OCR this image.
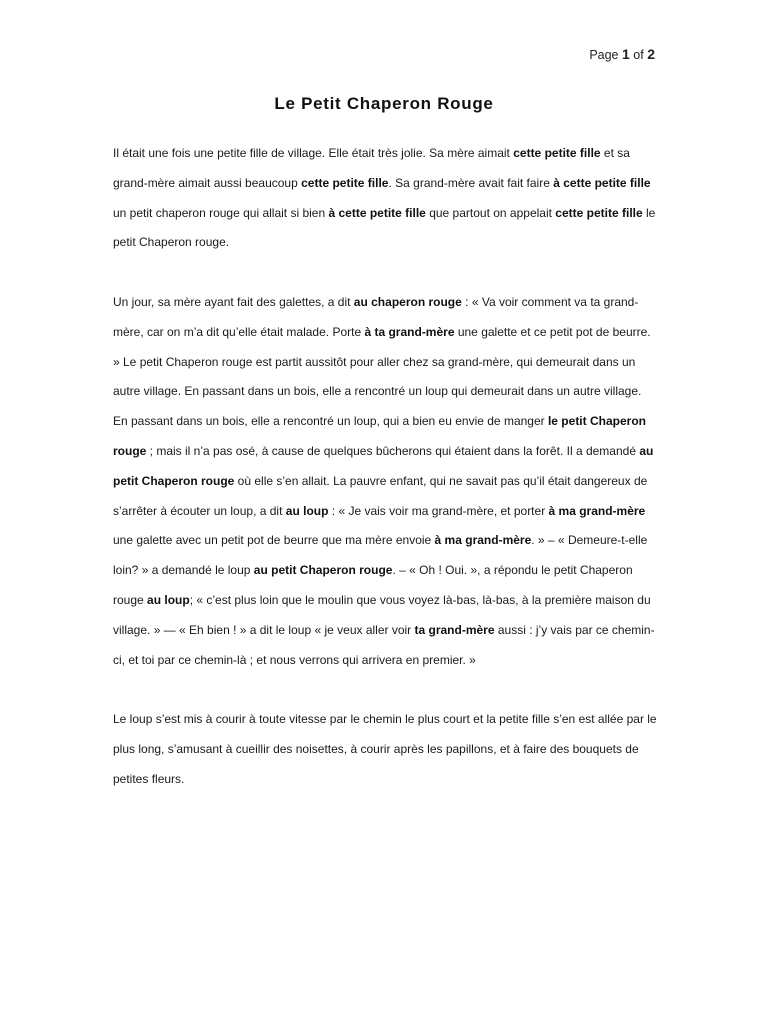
Page 1 of 2
Le Petit Chaperon Rouge

Il était une fois une petite fille de village. Elle était très jolie. Sa mère aimait cette petite fille et sa grand-mère aimait aussi beaucoup cette petite fille. Sa grand-mère avait fait faire à cette petite fille un petit chaperon rouge qui allait si bien à cette petite fille que partout on appelait cette petite fille le petit Chaperon rouge.

Un jour, sa mère ayant fait des galettes, a dit au chaperon rouge : « Va voir comment va ta grand-mère, car on m’a dit qu’elle était malade. Porte à ta grand-mère une galette et ce petit pot de beurre. » Le petit Chaperon rouge est partit aussitôt pour aller chez sa grand-mère, qui demeurait dans un autre village. En passant dans un bois, elle a rencontré un loup qui demeurait dans un autre village. En passant dans un bois, elle a rencontré un loup, qui a bien eu envie de manger le petit Chaperon rouge ; mais il n’a pas osé, à cause de quelques bûcherons qui étaient dans la forêt. Il a demandé au petit Chaperon rouge où elle s’en allait. La pauvre enfant, qui ne savait pas qu’il était dangereux de s’arrêter à écouter un loup, a dit au loup : « Je vais voir ma grand-mère, et porter à ma grand-mère une galette avec un petit pot de beurre que ma mère envoie à ma grand-mère. » – « Demeure-t-elle loin? » a demandé le loup au petit Chaperon rouge. – « Oh ! Oui. », a répondu le petit Chaperon rouge au loup; « c’est plus loin que le moulin que vous voyez là-bas, là-bas, à la première maison du village. » — « Eh bien ! » a dit le loup « je veux aller voir ta grand-mère aussi : j’y vais par ce chemin-ci, et toi par ce chemin-là ; et nous verrons qui arrivera en premier. »

Le loup s’est mis à courir à toute vitesse par le chemin le plus court et la petite fille s’en est allée par le plus long, s’amusant à cueillir des noisettes, à courir après les papillons, et à faire des bouquets de petites fleurs.
